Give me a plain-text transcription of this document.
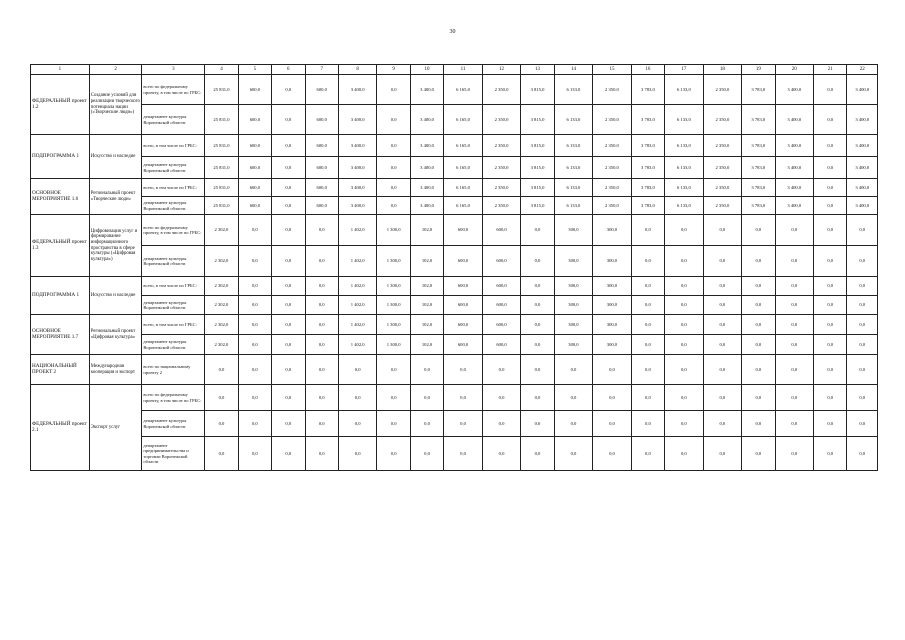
30
1	2	3	4	5	6	7	8	9	10	11	12	13	14	15	16	17	18	19	20	21	22
ФЕДЕРАЛЬНЫЙ проект 1.2	Создание условий для реализации творческого потенциала нации («Творческие люди»)	всего по федеральному проекту, в том числе по ГРБС:	25 831,0	600,0	0,0	600,0	3 400,0	0,0	3 400,0	6 165,0	2 350,0	3 815,0	6 133,0	2 350,0	3 783,0	6 133,0	2 350,0	3 783,0	3 400,0	0,0	3 400,0
		департамент культуры Воронежской области	25 831,0	600,0	0,0	600,0	3 400,0	0,0	3 400,0	6 165,0	2 350,0	3 815,0	6 133,0	2 350,0	3 783,0	6 133,0	2 350,0	3 783,0	3 400,0	0,0	3 400,0
ПОДПРОГРАММА 1	Искусство и наследие	всего, в том числе по ГРБС:	25 831,0	600,0	0,0	600,0	3 400,0	0,0	3 400,0	6 165,0	2 350,0	3 815,0	6 133,0	2 350,0	3 783,0	6 133,0	2 350,0	3 783,0	3 400,0	0,0	3 400,0
		департамент культуры Воронежской области	25 831,0	600,0	0,0	600,0	3 400,0	0,0	3 400,0	6 165,0	2 350,0	3 815,0	6 133,0	2 350,0	3 783,0	6 133,0	2 350,0	3 783,0	3 400,0	0,0	3 400,0
ОСНОВНОЕ МЕРОПРИЯТИЕ 1.6	Региональный проект «Творческие люди»	всего, в том числе по ГРБС:	25 831,0	600,0	0,0	600,0	3 400,0	0,0	3 400,0	6 165,0	2 350,0	3 815,0	6 133,0	2 350,0	3 783,0	6 133,0	2 350,0	3 783,0	3 400,0	0,0	3 400,0
		департамент культуры Воронежской области	25 831,0	600,0	0,0	600,0	3 400,0	0,0	3 400,0	6 165,0	2 350,0	3 815,0	6 133,0	2 350,0	3 783,0	6 133,0	2 350,0	3 783,0	3 400,0	0,0	3 400,0
ФЕДЕРАЛЬНЫЙ проект 1.3	Цифровизация услуг и формирование информационного пространства в сфере культуры («Цифровая культура»)	всего по федеральному проекту, в том числе по ГРБС:	2 302,0	0,0	0,0	0,0	1 402,0	1 300,0	102,0	600,0	600,0	0,0	300,0	300,0	0,0	0,0	0,0	0,0	0,0	0,0	0,0
		департамент культуры Воронежской области	2 302,0	0,0	0,0	0,0	1 402,0	1 300,0	102,0	600,0	600,0	0,0	300,0	300,0	0,0	0,0	0,0	0,0	0,0	0,0	0,0
ПОДПРОГРАММА 1	Искусство и наследие	всего, в том числе по ГРБС:	2 302,0	0,0	0,0	0,0	1 402,0	1 300,0	102,0	600,0	600,0	0,0	300,0	300,0	0,0	0,0	0,0	0,0	0,0	0,0	0,0
		департамент культуры Воронежской области	2 302,0	0,0	0,0	0,0	1 402,0	1 300,0	102,0	600,0	600,0	0,0	300,0	300,0	0,0	0,0	0,0	0,0	0,0	0,0	0,0
ОСНОВНОЕ МЕРОПРИЯТИЕ 1.7	Региональный проект «Цифровая культура»	всего, в том числе по ГРБС:	2 302,0	0,0	0,0	0,0	1 402,0	1 300,0	102,0	600,0	600,0	0,0	300,0	300,0	0,0	0,0	0,0	0,0	0,0	0,0	0,0
		департамент культуры Воронежской области	2 302,0	0,0	0,0	0,0	1 402,0	1 300,0	102,0	600,0	600,0	0,0	300,0	300,0	0,0	0,0	0,0	0,0	0,0	0,0	0,0
НАЦИОНАЛЬНЫЙ ПРОЕКТ 2	Международная кооперация и экспорт	всего по национальному проекту 2	0,0	0,0	0,0	0,0	0,0	0,0	0,0	0,0	0,0	0,0	0,0	0,0	0,0	0,0	0,0	0,0	0,0	0,0	0,0
ФЕДЕРАЛЬНЫЙ проект 2.1	Экспорт услуг	всего по федеральному проекту, в том числе по ГРБС:	0,0	0,0	0,0	0,0	0,0	0,0	0,0	0,0	0,0	0,0	0,0	0,0	0,0	0,0	0,0	0,0	0,0	0,0	0,0
		департамент культуры Воронежской области	0,0	0,0	0,0	0,0	0,0	0,0	0,0	0,0	0,0	0,0	0,0	0,0	0,0	0,0	0,0	0,0	0,0	0,0	0,0
		департамент предпринимательства и торговли Воронежской области	0,0	0,0	0,0	0,0	0,0	0,0	0,0	0,0	0,0	0,0	0,0	0,0	0,0	0,0	0,0	0,0	0,0	0,0	0,0
